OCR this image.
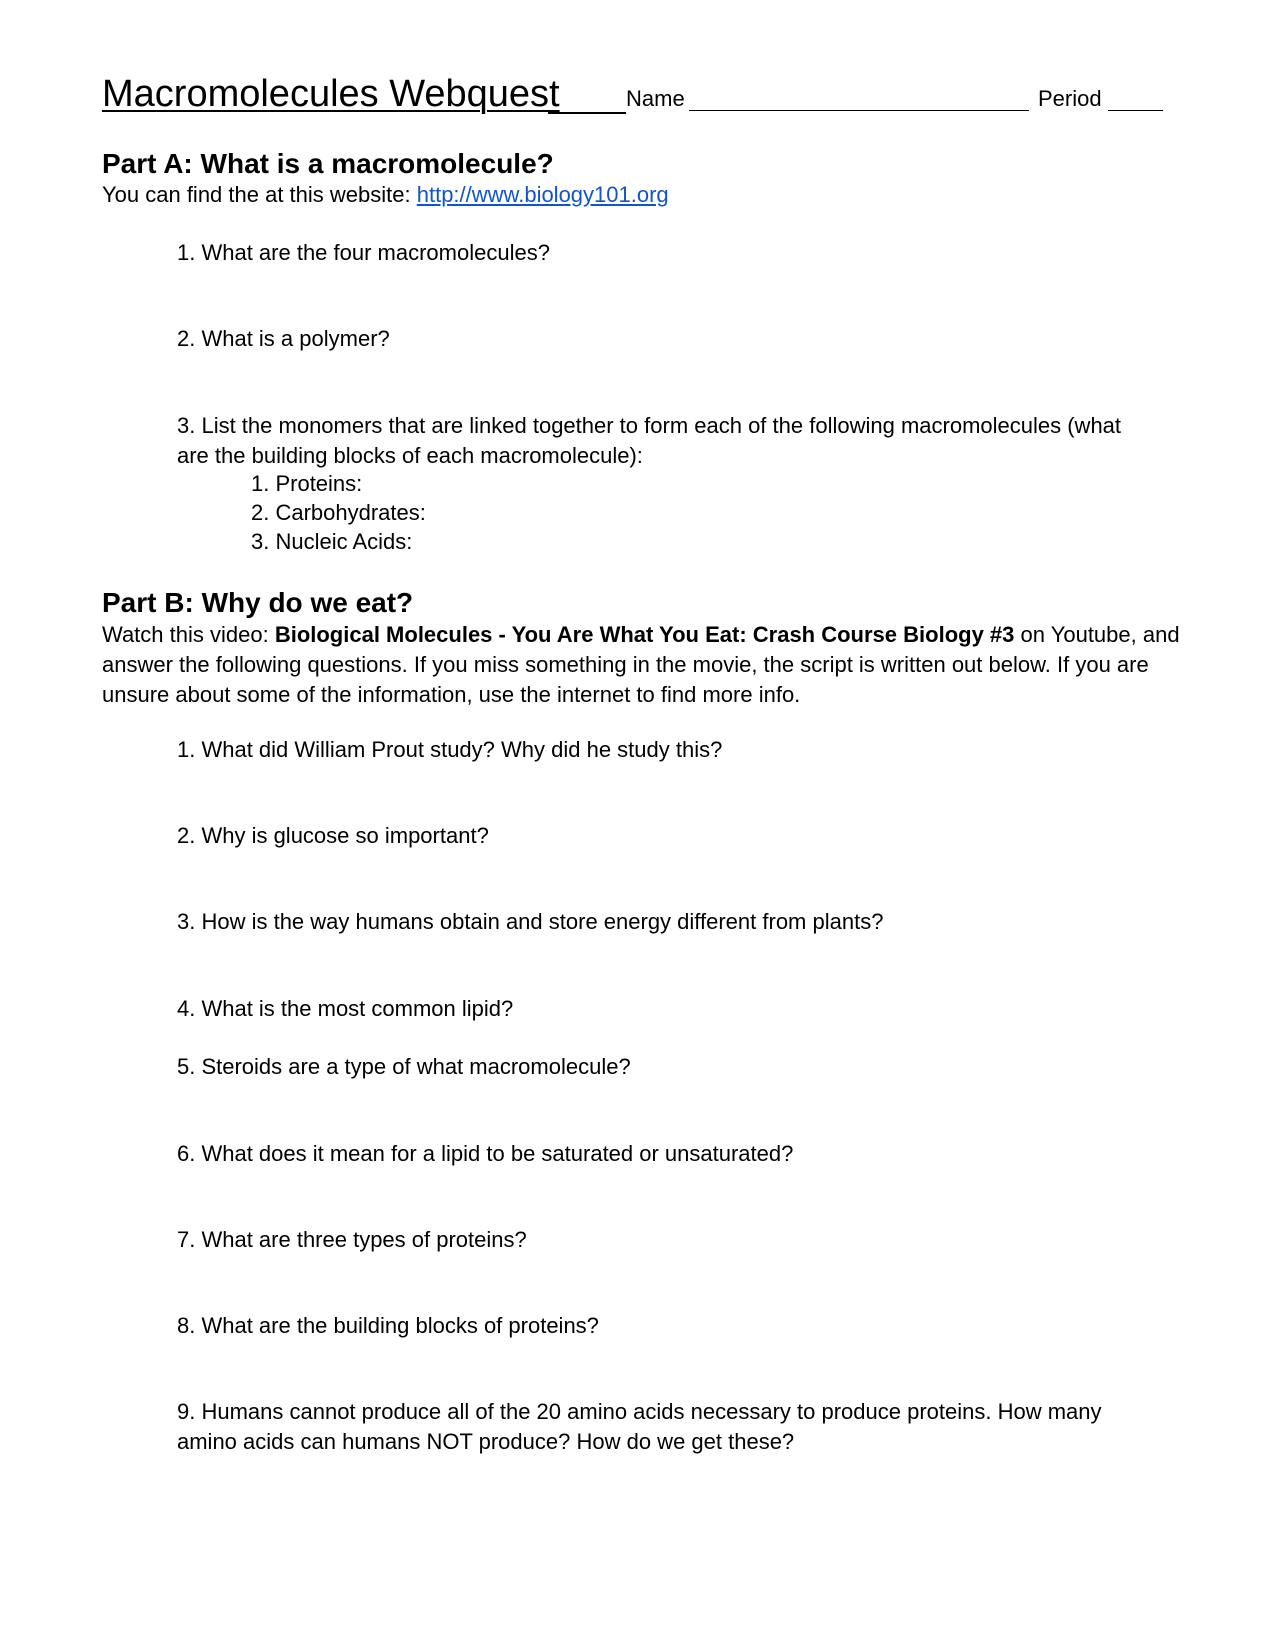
Macromolecules Webquest	Name	Period
Part A: What is a macromolecule?
You can find the at this website: http://www.biology101.org
1. What are the four macromolecules?
2. What is a polymer?
3. List the monomers that are linked together to form each of the following macromolecules (what are the building blocks of each macromolecule):
1. Proteins:
2. Carbohydrates:
3. Nucleic Acids:
Part B: Why do we eat?
Watch this video: Biological Molecules - You Are What You Eat: Crash Course Biology #3 on Youtube, and answer the following questions. If you miss something in the movie, the script is written out below. If you are unsure about some of the information, use the internet to find more info.
1. What did William Prout study? Why did he study this?
2. Why is glucose so important?
3. How is the way humans obtain and store energy different from plants?
4. What is the most common lipid?
5. Steroids are a type of what macromolecule?
6. What does it mean for a lipid to be saturated or unsaturated?
7. What are three types of proteins?
8. What are the building blocks of proteins?
9. Humans cannot produce all of the 20 amino acids necessary to produce proteins. How many amino acids can humans NOT produce? How do we get these?
